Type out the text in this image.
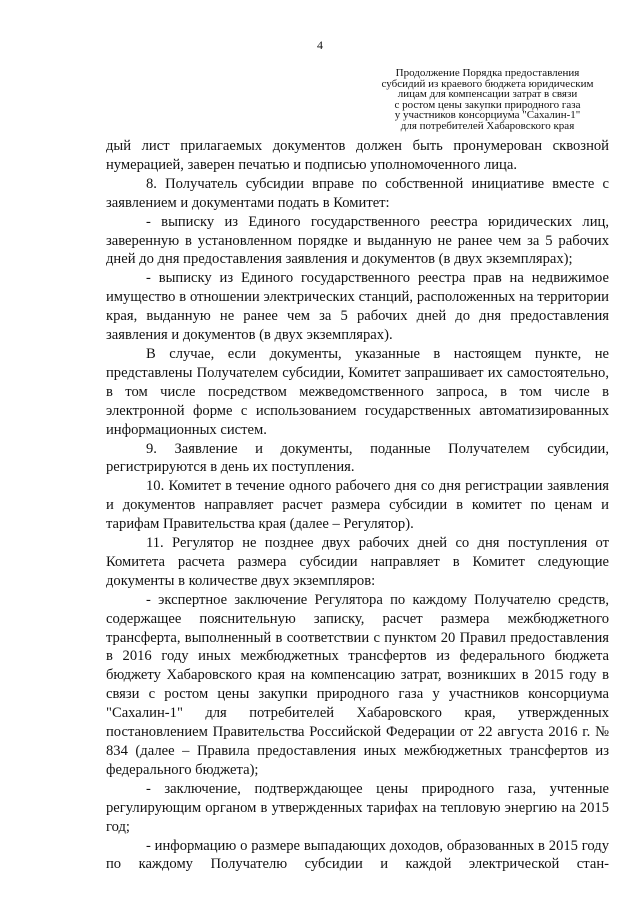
4
Продолжение Порядка предоставления
субсидий из краевого бюджета юридическим
лицам для компенсации затрат в связи
с ростом цены закупки природного газа
у участников консорциума "Сахалин-1"
для потребителей Хабаровского края

дый лист прилагаемых документов должен быть пронумерован сквозной нумерацией, заверен печатью и подписью уполномоченного лица.

8. Получатель субсидии вправе по собственной инициативе вместе с заявлением и документами подать в Комитет:

- выписку из Единого государственного реестра юридических лиц, заверенную в установленном порядке и выданную не ранее чем за 5 рабочих дней до дня предоставления заявления и документов (в двух экземплярах);

- выписку из Единого государственного реестра прав на недвижимое имущество в отношении электрических станций, расположенных на территории края, выданную не ранее чем за 5 рабочих дней до дня предоставления заявления и документов (в двух экземплярах).

В случае, если документы, указанные в настоящем пункте, не представлены Получателем субсидии, Комитет запрашивает их самостоятельно, в том числе посредством межведомственного запроса, в том числе в электронной форме с использованием государственных автоматизированных информационных систем.

9. Заявление и документы, поданные Получателем субсидии, регистрируются в день их поступления.

10. Комитет в течение одного рабочего дня со дня регистрации заявления и документов направляет расчет размера субсидии в комитет по ценам и тарифам Правительства края (далее – Регулятор).

11. Регулятор не позднее двух рабочих дней со дня поступления от Комитета расчета размера субсидии направляет в Комитет следующие документы в количестве двух экземпляров:

- экспертное заключение Регулятора по каждому Получателю средств, содержащее пояснительную записку, расчет размера межбюджетного трансферта, выполненный в соответствии с пунктом 20 Правил предоставления в 2016 году иных межбюджетных трансфертов из федерального бюджета бюджету Хабаровского края на компенсацию затрат, возникших в 2015 году в связи с ростом цены закупки природного газа у участников консорциума "Сахалин-1" для потребителей Хабаровского края, утвержденных постановлением Правительства Российской Федерации от 22 августа 2016 г. № 834 (далее – Правила предоставления иных межбюджетных трансфертов из федерального бюджета);

- заключение, подтверждающее цены природного газа, учтенные регулирующим органом в утвержденных тарифах на тепловую энергию на 2015 год;

- информацию о размере выпадающих доходов, образованных в 2015 году по каждому Получателю субсидии и каждой электрической стан-
